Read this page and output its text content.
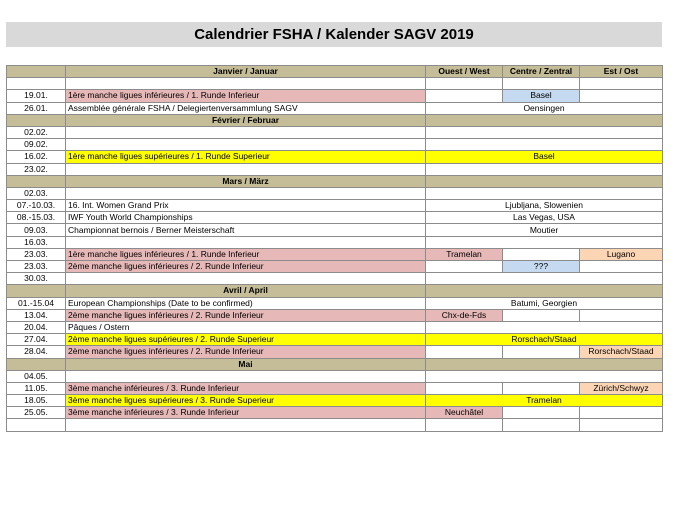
Calendrier FSHA / Kalender SAGV 2019
	Janvier / Januar	Ouest / West	Centre / Zentral	Est / Ost

19.01.	1ère manche ligues inférieures / 1. Runde Inferieur		Basel	
26.01.	Assemblée générale FSHA / Delegiertenversammlung SAGV	Oensingen		
	Février / Februar			
02.02.				
09.02.				
16.02.	1ère manche ligues supérieures / 1. Runde Superieur	Basel		
23.02.				
	Mars / März			
02.03.				
07.-10.03.	16. Int. Women Grand Prix	Ljubljana, Slowenien		
08.-15.03.	IWF Youth World Championships	Las Vegas, USA		
09.03.	Championnat bernois / Berner Meisterschaft	Moutier		
16.03.				
23.03.	1ère manche ligues inférieures / 1. Runde Inferieur	Tramelan		Lugano
23.03.	2ème manche ligues inférieures / 2. Runde Inferieur		???	
30.03.				
	Avril / April			
01.-15.04	European Championships (Date to be confirmed)	Batumi, Georgien		
13.04.	2ème manche ligues inférieures / 2. Runde Inferieur	Chx-de-Fds		
20.04.	Pâques / Ostern			
27.04.	2ème manche ligues supérieures / 2. Runde Superieur	Rorschach/Staad		
28.04.	2ème manche ligues inférieures / 2. Runde Inferieur			Rorschach/Staad
	Mai			
04.05.				
11.05.	3ème manche inférieures / 3. Runde Inferieur			Zürich/Schwyz
18.05.	3ème manche ligues supérieures / 3. Runde Superieur	Tramelan		
25.05.	3ème manche inférieures / 3. Runde Inferieur	Neuchâtel		
